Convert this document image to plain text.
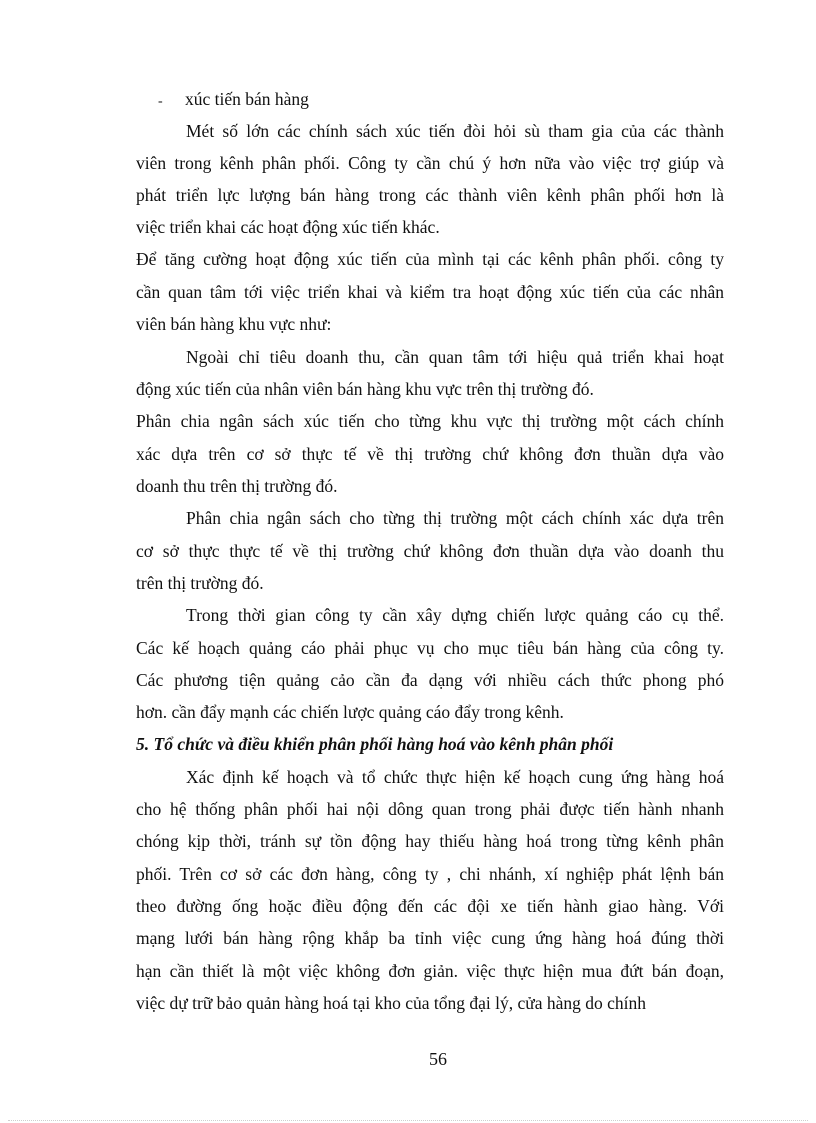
- xúc tiến bán hàng
Mét số lớn các chính sách xúc tiến đòi hỏi sù tham gia của các thành
viên trong kênh phân phối. Công ty cần chú ý hơn nữa vào việc trợ giúp và
phát triển lực lượng bán hàng trong các thành viên kênh phân phối hơn là
việc triển khai các hoạt động xúc tiến khác.
Để tăng cường hoạt động xúc tiến của mình tại các kênh phân phối. công ty
cần quan tâm tới việc triển khai và kiểm tra hoạt động xúc tiến của các nhân
viên bán hàng khu vực như:
Ngoài chỉ tiêu doanh thu, cần quan tâm tới hiệu quả triển khai hoạt
động xúc tiến của nhân viên bán hàng khu vực trên thị trường đó.
Phân chia ngân sách xúc tiến cho từng khu vực thị trường một cách chính
xác dựa trên cơ sở thực tế về thị trường chứ không đơn thuần dựa vào
doanh thu trên thị trường đó.
Phân chia ngân sách cho từng thị trường một cách chính xác dựa trên
cơ sở thực thực tế về thị trường chứ không đơn thuần dựa vào doanh thu
trên thị trường đó.
Trong thời gian công ty cần xây dựng chiến lược quảng cáo cụ thể.
Các kế hoạch quảng cáo phải phục vụ cho mục tiêu bán hàng của công ty.
Các phương tiện quảng cảo cần đa dạng với nhiều cách thức phong phó
hơn. cần đẩy mạnh các chiến lược quảng cáo đẩy trong kênh.
5. Tổ chức và điều khiển phân phối hàng hoá vào kênh phân phối
Xác định kế hoạch và tổ chức thực hiện kế hoạch cung ứng hàng hoá
cho hệ thống phân phối hai nội dông quan trong phải được tiến hành nhanh
chóng kịp thời, tránh sự tồn động hay thiếu hàng hoá trong từng kênh phân
phối. Trên cơ sở các đơn hàng, công ty , chi nhánh, xí nghiệp phát lệnh bán
theo đường ống hoặc điều động đến các đội xe tiến hành giao hàng. Với
mạng lưới bán hàng rộng khắp ba tỉnh việc cung ứng hàng hoá đúng thời
hạn cần thiết là một việc không đơn giản. việc thực hiện mua đứt bán đoạn,
việc dự trữ bảo quản hàng hoá tại kho của tổng đại lý, cửa hàng do chính
56
